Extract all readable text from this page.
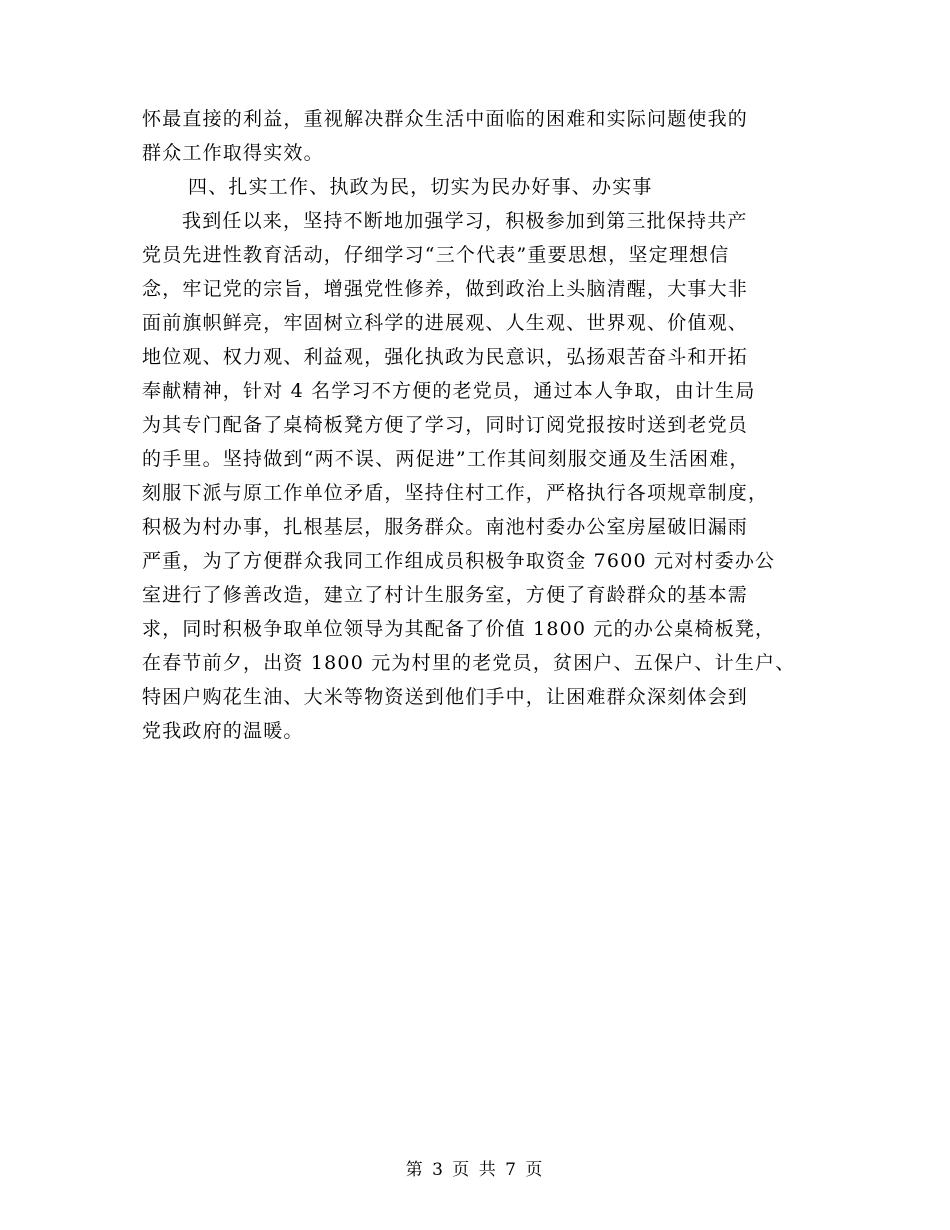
怀最直接的利益，重视解决群众生活中面临的困难和实际问题使我的
群众工作取得实效。
四、扎实工作、执政为民，切实为民办好事、办实事
我到任以来，坚持不断地加强学习，积极参加到第三批保持共产
党员先进性教育活动，仔细学习“三个代表”重要思想，坚定理想信
念，牢记党的宗旨，增强党性修养，做到政治上头脑清醒，大事大非
面前旗帜鲜亮，牢固树立科学的进展观、人生观、世界观、价值观、
地位观、权力观、利益观，强化执政为民意识，弘扬艰苦奋斗和开拓
奉献精神，针对 4 名学习不方便的老党员，通过本人争取，由计生局
为其专门配备了桌椅板凳方便了学习，同时订阅党报按时送到老党员
的手里。坚持做到“两不误、两促进”工作其间刻服交通及生活困难，
刻服下派与原工作单位矛盾，坚持住村工作，严格执行各项规章制度，
积极为村办事，扎根基层，服务群众。南池村委办公室房屋破旧漏雨
严重，为了方便群众我同工作组成员积极争取资金 7600 元对村委办公
室进行了修善改造，建立了村计生服务室，方便了育龄群众的基本需
求，同时积极争取单位领导为其配备了价值 1800 元的办公桌椅板凳，
在春节前夕，出资 1800 元为村里的老党员，贫困户、五保户、计生户、
特困户购花生油、大米等物资送到他们手中，让困难群众深刻体会到
党我政府的温暖。
第 3 页 共 7 页
